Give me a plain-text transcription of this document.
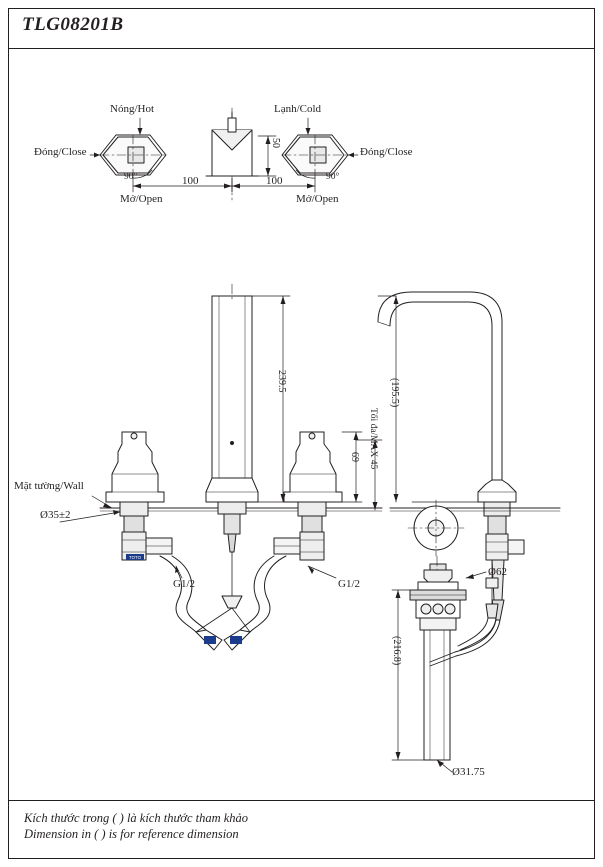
TLG08201B
Kích thước trong ( ) là kích thước tham khảo
Dimension in ( ) is for reference dimension
TOTO
Nóng/Hot	Lạnh/Cold
Đóng/Close	Đóng/Close
Mở/Open	Mở/Open
90°	90°
100	100
50
239.5
69 Tối đa/MAX 45
Mặt tường/Wall
Ø35±2
G1/2	G1/2
(195.5)
Ø62
(216.8)
Ø31.75
